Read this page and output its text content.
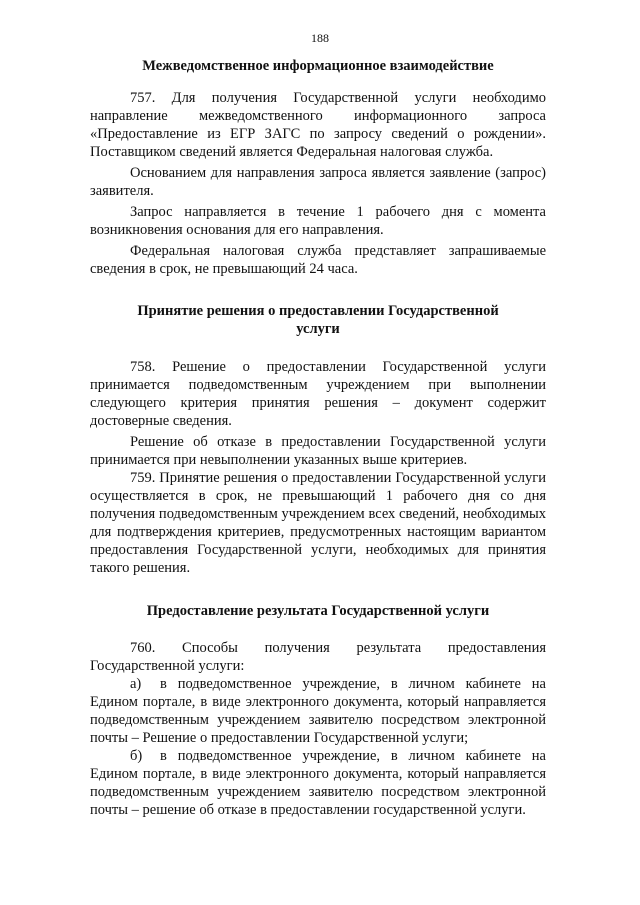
188

Межведомственное информационное взаимодействие

757. Для получения Государственной услуги необходимо направление межведомственного информационного запроса «Предоставление из ЕГР ЗАГС по запросу сведений о рождении». Поставщиком сведений является Федеральная налоговая служба.

Основанием для направления запроса является заявление (запрос) заявителя.

Запрос направляется в течение 1 рабочего дня с момента возникновения основания для его направления.

Федеральная налоговая служба представляет запрашиваемые сведения в срок, не превышающий 24 часа.

Принятие решения о предоставлении Государственной услуги

758. Решение о предоставлении Государственной услуги принимается подведомственным учреждением при выполнении следующего критерия принятия решения – документ содержит достоверные сведения.

Решение об отказе в предоставлении Государственной услуги принимается при невыполнении указанных выше критериев.

759. Принятие решения о предоставлении Государственной услуги осуществляется в срок, не превышающий 1 рабочего дня со дня получения подведомственным учреждением всех сведений, необходимых для подтверждения критериев, предусмотренных настоящим вариантом предоставления Государственной услуги, необходимых для принятия такого решения.

Предоставление результата Государственной услуги

760. Способы получения результата предоставления Государственной услуги:

а) в подведомственное учреждение, в личном кабинете на Едином портале, в виде электронного документа, который направляется подведомственным учреждением заявителю посредством электронной почты – Решение о предоставлении Государственной услуги;

б) в подведомственное учреждение, в личном кабинете на Едином портале, в виде электронного документа, который направляется подведомственным учреждением заявителю посредством электронной почты – решение об отказе в предоставлении государственной услуги.
